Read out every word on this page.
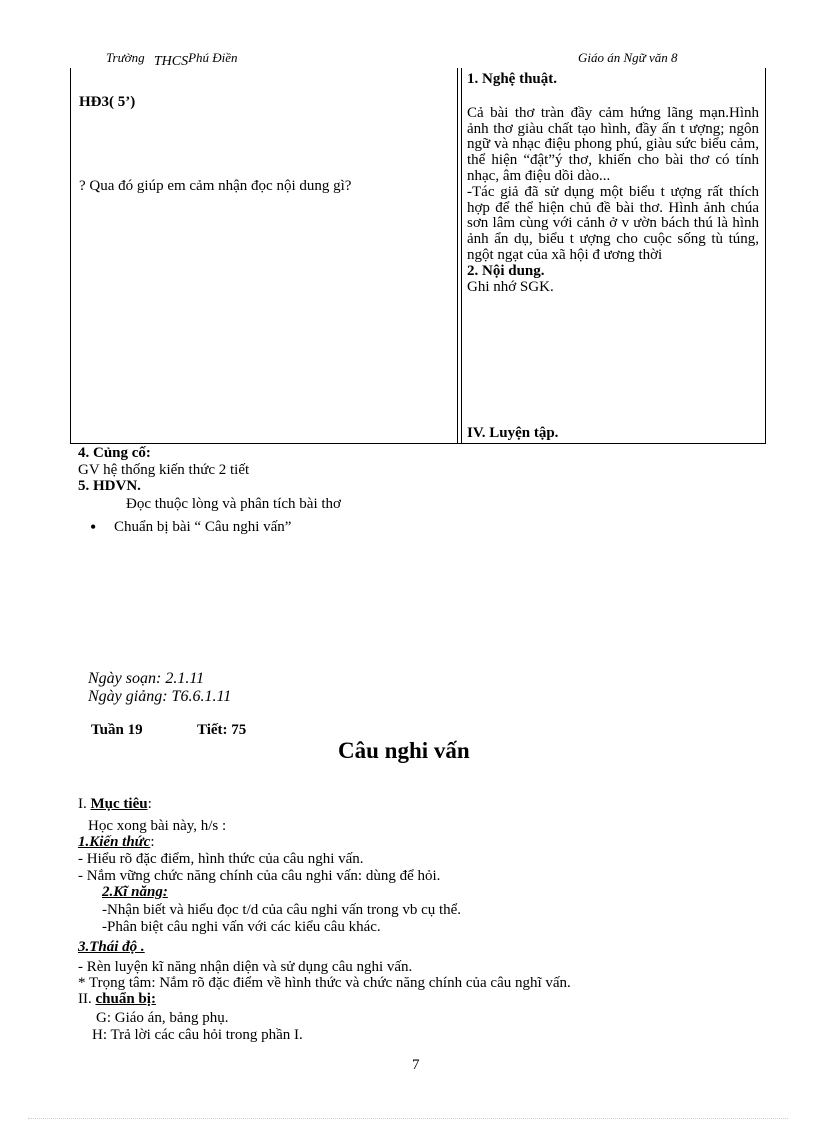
Trường THCSPhú Điền	Giáo án Ngữ văn 8
HĐ3( 5’)
? Qua đó giúp em cảm nhận đọc nội dung gì?
1. Nghệ thuật.

Cả bài thơ tràn đầy cảm hứng lãng mạn.Hình ảnh thơ giàu chất tạo hình, đầy ấn t ượng; ngôn ngữ và nhạc điệu phong phú, giàu sức biểu cảm, thể hiện “đật”ý thơ, khiến cho bài thơ có tính nhạc, âm điệu dồi dào...

-Tác giả đã sử dụng một biểu t ượng rất thích hợp để thể hiện chủ đề bài thơ. Hình ảnh chúa sơn lâm cùng với cảnh ở v ườn bách thú là hình ảnh ẩn dụ, biểu t ượng cho cuộc sống tù túng, ngột ngạt của xã hội đ ương thời

2. Nội dung.
Ghi nhớ SGK.
IV. Luyện tập.
4. Củng cố:
GV hệ thống kiến thức 2 tiết
5. HDVN.
Đọc thuộc lòng và phân tích bài thơ
• Chuẩn bị bài “ Câu nghi vấn”
Ngày soạn: 2.1.11
Ngày giảng: T6.6.1.11
Tuần 19	Tiết: 75
Câu nghi vấn
I. Mục tiêu:
Học xong bài này, h/s :
1.Kiến thức:
- Hiểu rõ đặc điểm, hình thức của câu nghi vấn.
- Nắm vững chức năng chính của câu nghi vấn: dùng để hỏi.
2.Kĩ năng:
-Nhận biết và hiểu đọc t/d của câu nghi vấn trong vb cụ thể.
-Phân biệt câu nghi vấn với các kiểu câu khác.
3.Thái độ .
- Rèn luyện kĩ năng nhận diện và sử dụng câu nghi vấn.
* Trọng tâm: Nắm rõ đặc điểm về hình thức và chức năng chính của câu nghĩ vấn.
II. chuẩn bị:
G: Giáo án, bảng phụ.
H: Trả lời các câu hỏi trong phần I.
7
